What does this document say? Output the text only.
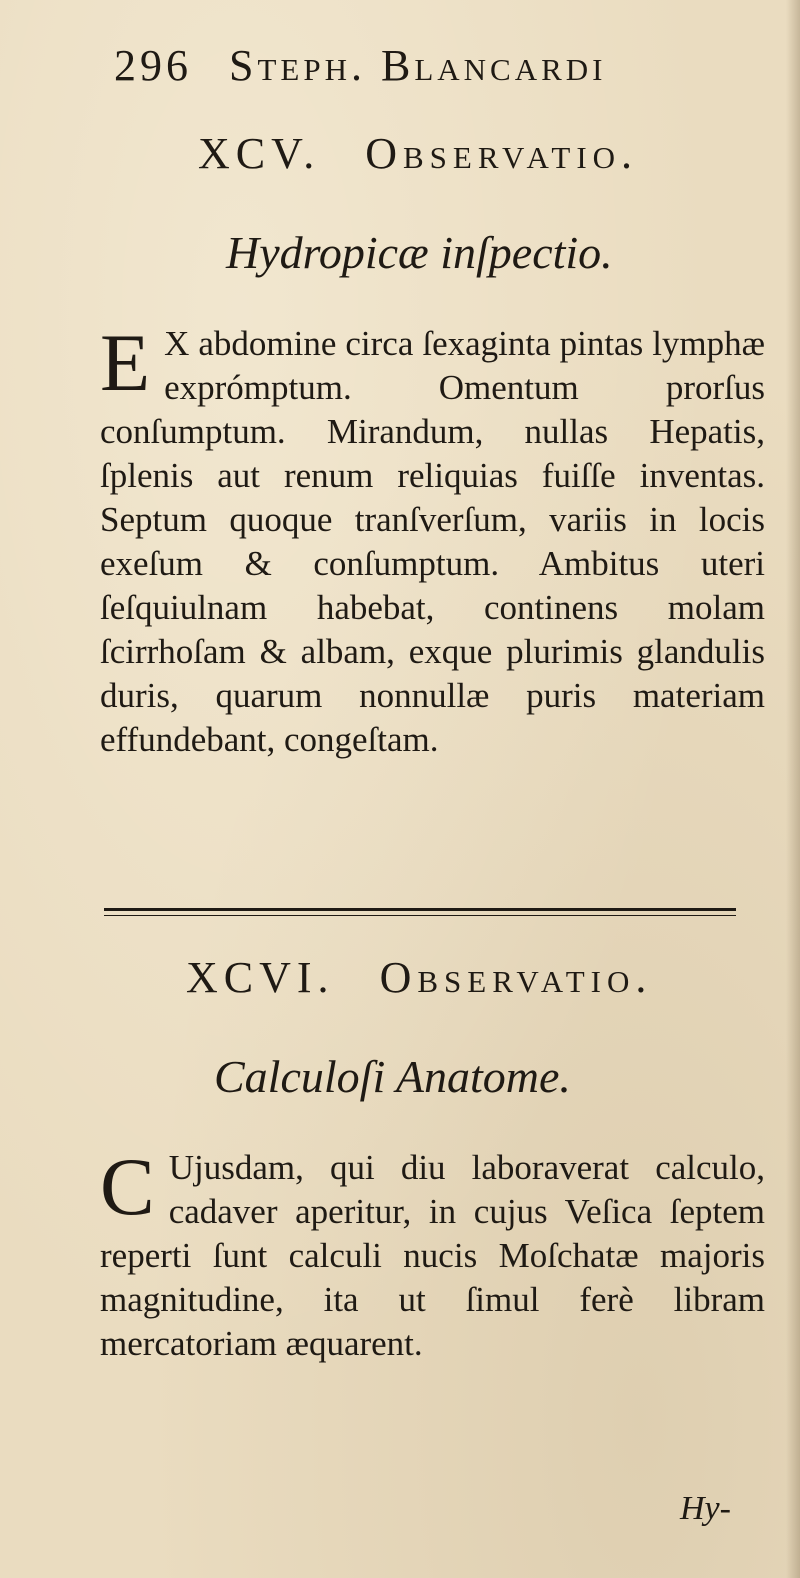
296 Steph. Blancardi
XCV. Observatio.
Hydropicæ inſpectio.
E X abdomine circa ſexaginta pintas lymphæ exprómptum. Omentum prorſus conſumptum. Mirandum, nullas Hepatis, ſplenis aut renum reliquias fuiſſe inventas. Septum quoque tranſverſum, variis in locis exeſum & conſumptum. Ambitus uteri ſeſquiulnam habebat, continens molam ſcirrhoſam & albam, exque plurimis glandulis duris, quarum nonnullæ puris materiam effundebant, congeſtam.
XCVI. Observatio.
Calculoſi Anatome.
C Ujusdam, qui diu laboraverat calculo, cadaver aperitur, in cujus Veſica ſeptem reperti ſunt calculi nucis Moſchatæ majoris magnitudine, ita ut ſimul ferè libram mercatoriam æquarent.
Hy-
